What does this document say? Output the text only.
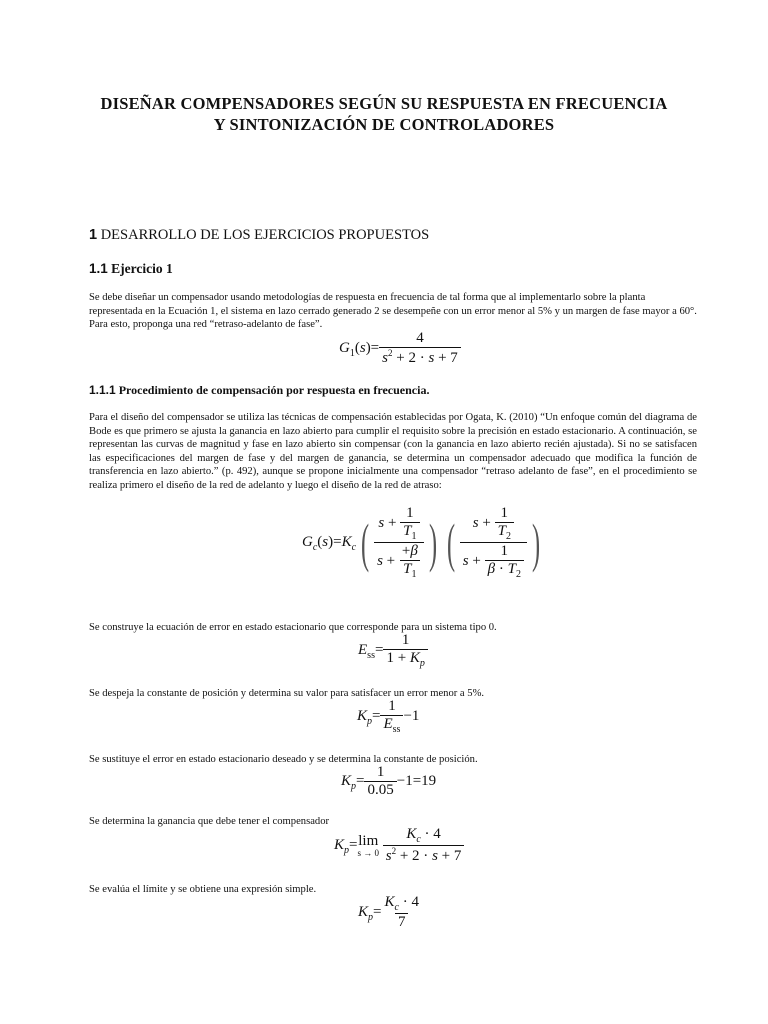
DISEÑAR COMPENSADORES SEGÚN SU RESPUESTA EN FRECUENCIA
Y SINTONIZACIÓN DE CONTROLADORES
1 DESARROLLO DE LOS EJERCICIOS PROPUESTOS
1.1 Ejercicio 1
Se debe diseñar un compensador usando metodologías de respuesta en frecuencia de tal forma que al implementarlo sobre la planta representada en la Ecuación 1, el sistema en lazo cerrado generado 2 se desempeñe con un error menor al 5% y un margen de fase mayor a 60°. Para esto, proponga una red “retraso-adelanto de fase”.
$G_1(s)= \frac{4}{s^2 + 2 \cdot s + 7}$
1.1.1 Procedimiento de compensación por respuesta en frecuencia.
Para el diseño del compensador se utiliza las técnicas de compensación establecidas por Ogata, K. (2010) “Un enfoque común del diagrama de Bode es que primero se ajusta la ganancia en lazo abierto para cumplir el requisito sobre la precisión en estado estacionario. A continuación, se representan las curvas de magnitud y fase en lazo abierto sin compensar (con la ganancia en lazo abierto recién ajustada). Si no se satisfacen las especificaciones del margen de fase y del margen de ganancia, se determina un compensador adecuado que modifica la función de transferencia en lazo abierto.” (p. 492), aunque se propone inicialmente una compensador “retraso adelanto de fase”, en el procedimiento se realiza primero el diseño de la red de adelanto y luego el diseño de la red de atraso:
$G_c(s)=K_c( \frac{s + \frac{1}{T_1}}{s + \frac{+\beta}{T_1}}$ ) ( $\frac{s + \frac{1}{T_2}}{s + \frac{1}{\beta \cdot T_2}}$ )
Se construye la ecuación de error en estado estacionario que corresponde para un sistema tipo 0.
$E_{ss}= \frac{1}{1 + K_p}$
Se despeja la constante de posición y determina su valor para satisfacer un error menor a 5%.
$K_p= \frac{1}{E_{ss}} -1$
Se sustituye el error en estado estacionario deseado y se determina la constante de posición.
$K_p= \frac{1}{0.05} -1=19$
Se determina la ganancia que debe tener el compensador
$K_p= \lim$
s → 0
$\frac{K_c \cdot 4}{s^2 + 2 \cdot s + 7}$
Se evalúa el límite y se obtiene una expresión simple.
$K_p= \frac{K_c \cdot 4}{7}$
